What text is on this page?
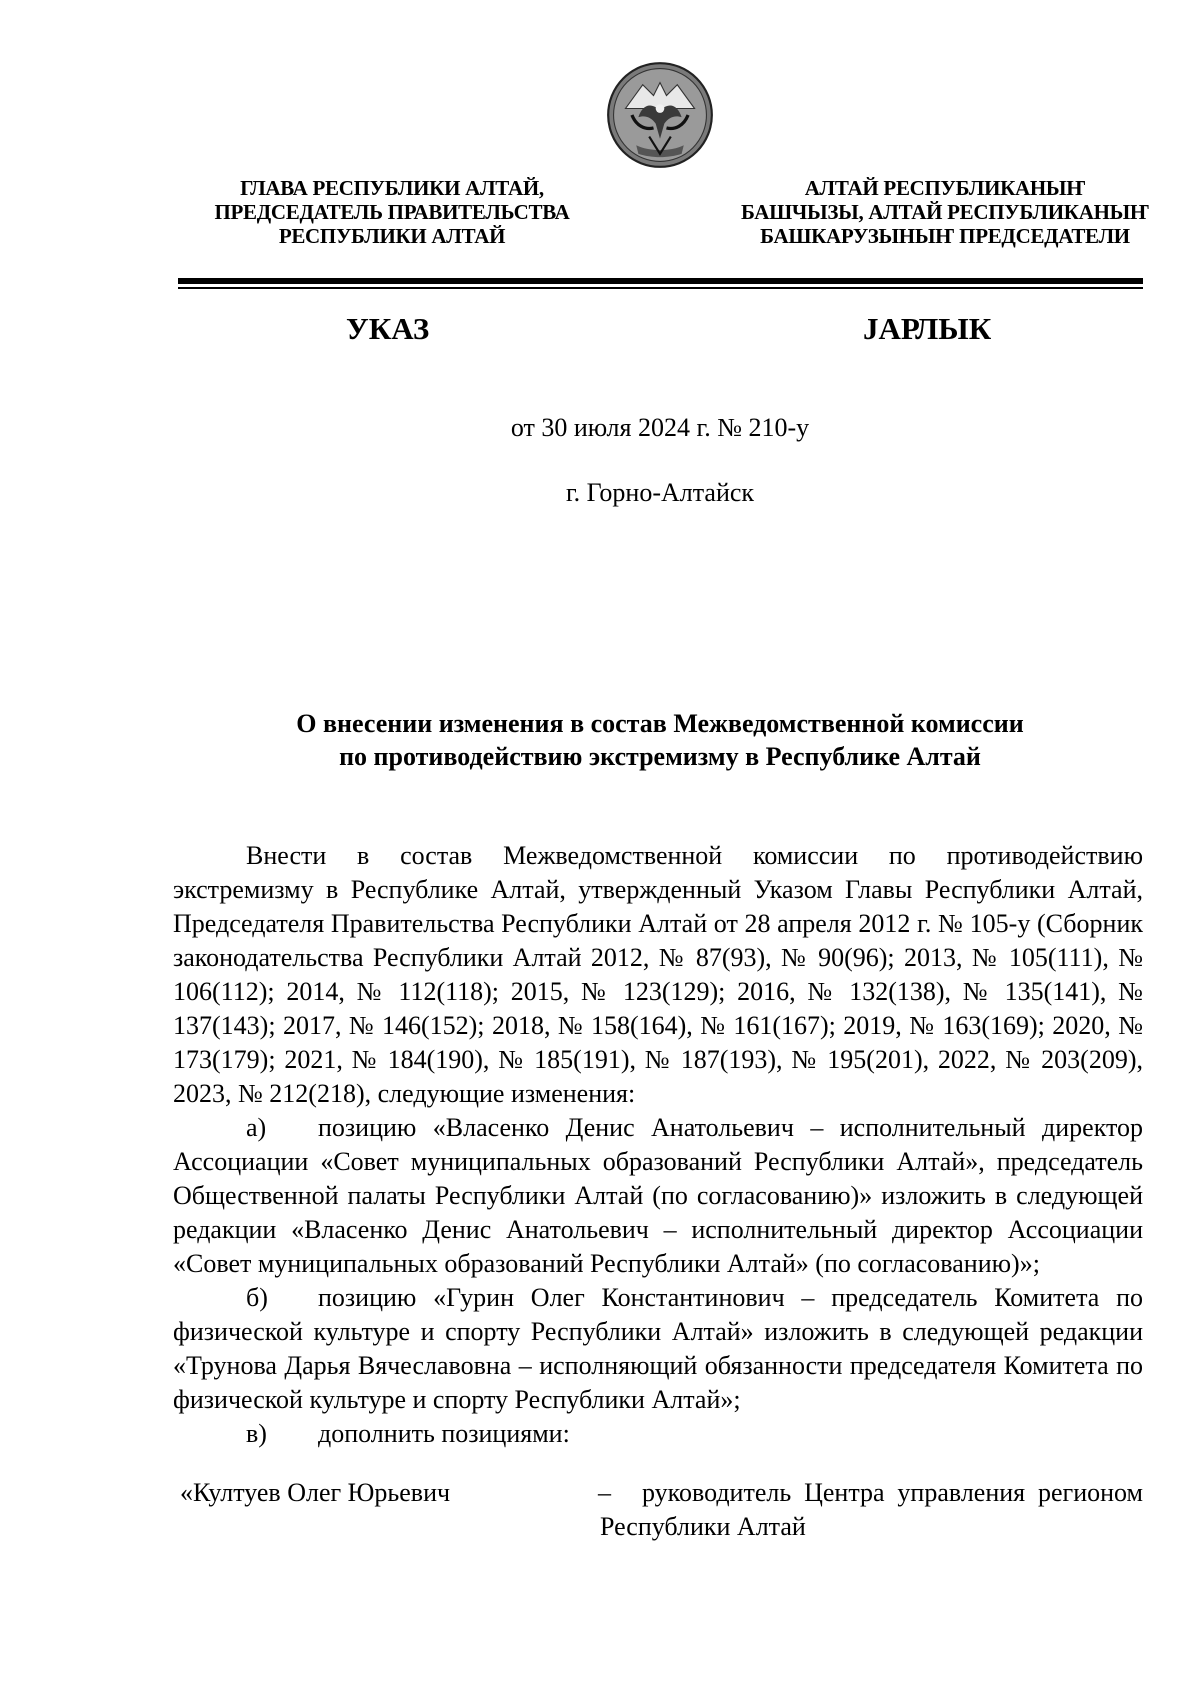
ГЛАВА РЕСПУБЛИКИ АЛТАЙ,
ПРЕДСЕДАТЕЛЬ ПРАВИТЕЛЬСТВА
РЕСПУБЛИКИ АЛТАЙ
АЛТАЙ РЕСПУБЛИКАНЫҤ
БАШЧЫЗЫ, АЛТАЙ РЕСПУБЛИКАНЫҤ
БАШКАРУЗЫНЫҤ ПРЕДСЕДАТЕЛИ
УКАЗ	ЈАРЛЫК
от 30 июля 2024 г. № 210-у
г. Горно-Алтайск
О внесении изменения в состав Межведомственной комиссии
по противодействию экстремизму в Республике Алтай
Внести в состав Межведомственной комиссии по противодействию экстремизму в Республике Алтай, утвержденный Указом Главы Республики Алтай, Председателя Правительства Республики Алтай от 28 апреля 2012 г. № 105-у (Сборник законодательства Республики Алтай 2012, № 87(93), № 90(96); 2013, № 105(111), № 106(112); 2014, № 112(118); 2015, № 123(129); 2016, № 132(138), № 135(141), № 137(143); 2017, № 146(152); 2018, № 158(164), № 161(167); 2019, № 163(169); 2020, № 173(179); 2021, № 184(190), № 185(191), № 187(193), № 195(201), 2022, № 203(209), 2023, № 212(218), следующие изменения:
а) позицию «Власенко Денис Анатольевич – исполнительный директор Ассоциации «Совет муниципальных образований Республики Алтай», председатель Общественной палаты Республики Алтай (по согласованию)» изложить в следующей редакции «Власенко Денис Анатольевич – исполнительный директор Ассоциации «Совет муниципальных образований Республики Алтай» (по согласованию)»;
б) позицию «Гурин Олег Константинович – председатель Комитета по физической культуре и спорту Республики Алтай» изложить в следующей редакции «Трунова Дарья Вячеславовна – исполняющий обязанности председателя Комитета по физической культуре и спорту Республики Алтай»;
в) дополнить позициями:
«Култуев Олег Юрьевич	–	руководитель Центра управления регионом Республики Алтай
